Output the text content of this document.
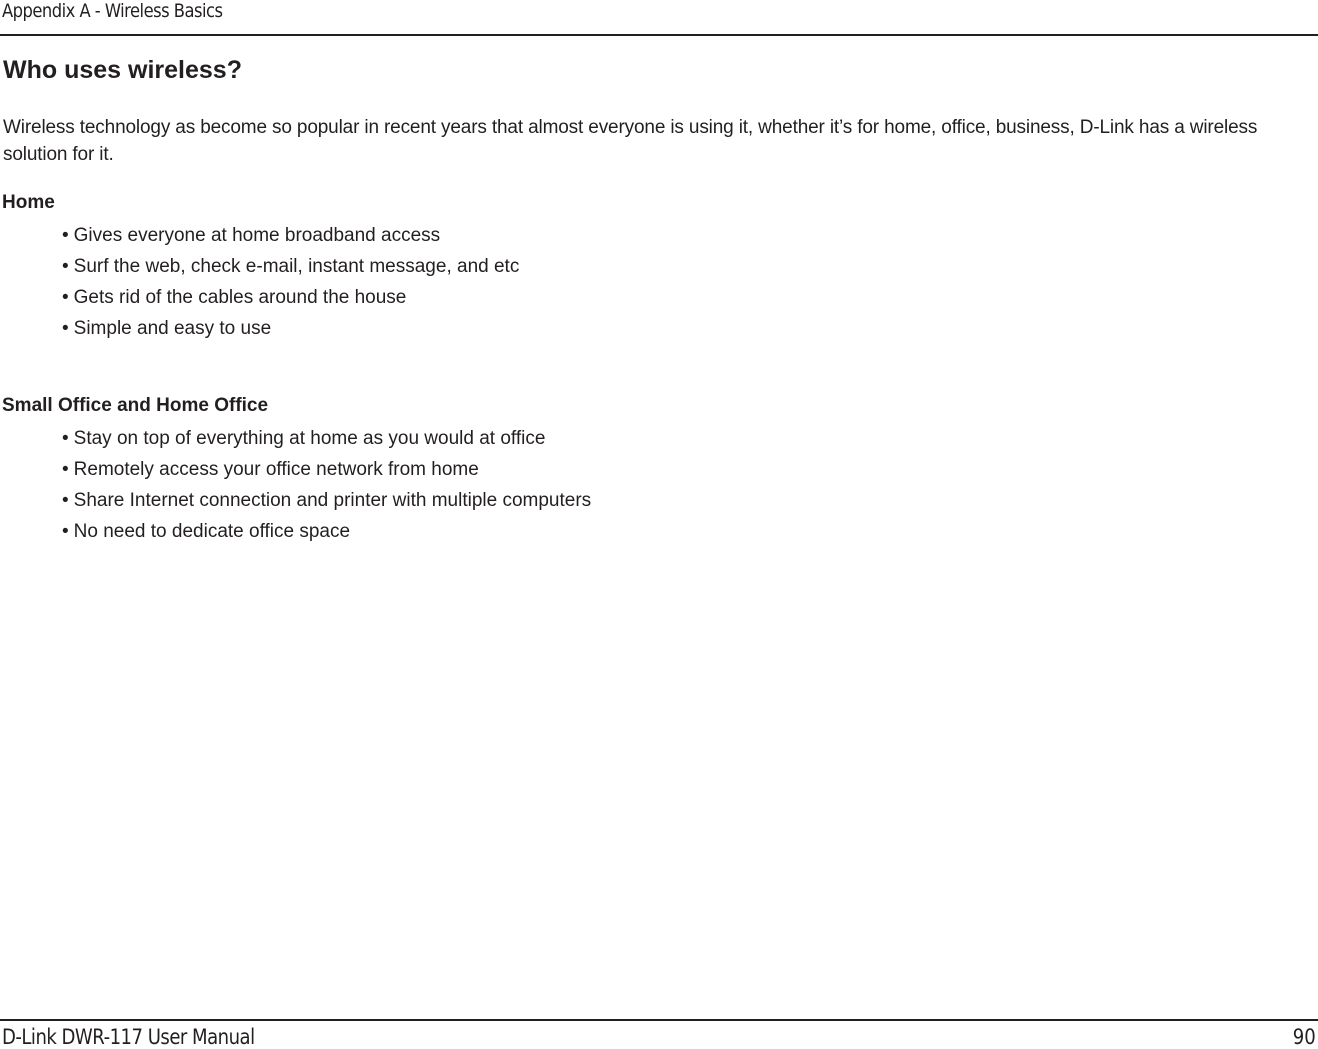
Appendix A - Wireless Basics
Who uses wireless?

Wireless technology as become so popular in recent years that almost everyone is using it, whether it’s for home, office, business, D-Link has a wireless solution for it.

Home
• Gives everyone at home broadband access
• Surf the web, check e-mail, instant message, and etc
• Gets rid of the cables around the house
• Simple and easy to use
Small Office and Home Office
• Stay on top of everything at home as you would at office
• Remotely access your office network from home
• Share Internet connection and printer with multiple computers
• No need to dedicate office space
D-Link DWR-117 User Manual	90
